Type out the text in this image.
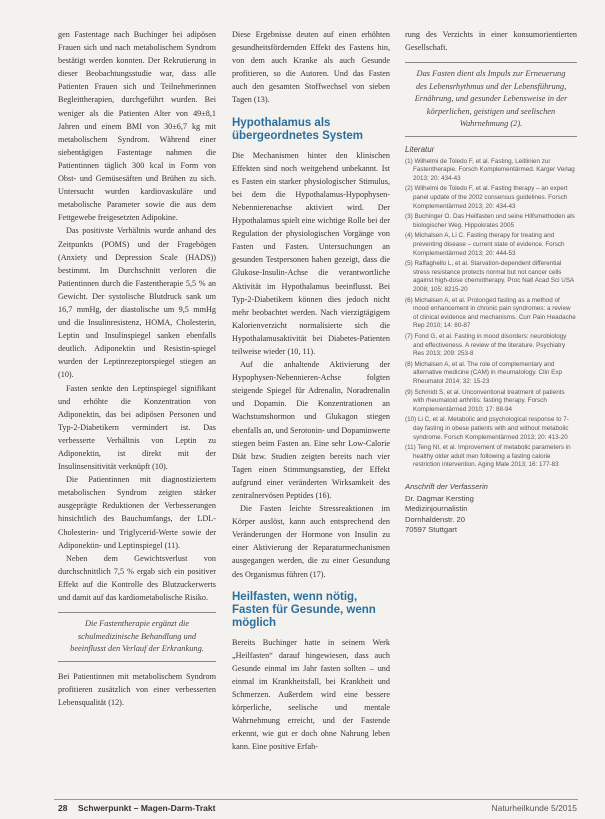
gen Fastentage nach Buchinger bei adipösen Frauen sich und nach metabolischem Syndrom bestätigt werden konnten. Der Rekrutierung in dieser Beobachtungsstudie war, dass alle Patienten Frauen sich und Teilnehmerinnen Begleittherapien, durchgeführt wurden. Bei weniger als die Patienten Alter von 49±8,1 Jahren und einem BMI von 30±6,7 kg mit metabolischem Syndrom. Während einer siebentägigen Fastentage nahmen die Patientinnen täglich 300 kcal in Form von Obst- und Gemüsesäften und Brühen zu sich. Untersucht wurden kardiovaskuläre und metabolische Parameter sowie die aus dem Fettgewebe freigesetzten Adipokine.

Das positivste Verhältnis wurde anhand des Zeitpunkts (POMS) und der Fragebögen (Anxiety und Depression Scale (HADS)) bestimmt. Im Durchschnitt verloren die Patientinnen durch die Fastentherapie 5,5 % an Gewicht. Der systolische Blutdruck sank um 16,7 mmHg, der diastolische um 9,5 mmHg und die Insulinresistenz, HOMA, Cholesterin, Leptin und Insulinspiegel sanken ebenfalls deutlich. Adiponektin und Resistin-spiegel wurden der Leptinrezeptorspiegel stiegen an (10).

Fasten senkte den Leptinspiegel signifikant und erhöhte die Konzentration von Adiponektin, das bei adipösen Personen und Typ-2-Diabetikern vermindert ist. Das verbesserte Verhältnis von Leptin zu Adiponektin, ist direkt mit der Insulinsensitivität verknüpft (10).

Die Patientinnen mit diagnostiziertem metabolischen Syndrom zeigten stärker ausgeprägte Reduktionen der Verbesserungen hinsichtlich des Bauchumfangs, der LDL-Cholesterin- und Triglycerid-Werte sowie der Adiponektin- und Leptinspiegel (11).

Neben dem Gewichtsverlust von durchschnittlich 7,5 % ergab sich ein positiver Effekt auf die Kontrolle des Blutzuckerwerts und damit auf das kardiometabolische Risiko.

Die Fastentherapie ergänzt die schulmedizinische Behandlung und beeinflusst den Verlauf der Erkrankung.

Bei Patientinnen mit metabolischem Syndrom profitieren zusätzlich von einer verbesserten Lebensqualität (12).

Diese Ergebnisse deuten auf einen erhöhten gesundheitsfördernden Effekt des Fastens hin, von dem auch Kranke als auch Gesunde profitieren, so die Autoren. Und das Fasten auch den gesamten Stoffwechsel von sieben Tagen (13).

Hypothalamus als übergeordnetes System

Die Mechanismen hinter den klinischen Effekten sind noch weitgehend unbekannt. Ist es Fasten ein starker physiologischer Stimulus, bei dem die Hypothalamus-Hypophysen-Nebennierenachse aktiviert wird. Der Hypothalamus spielt eine wichtige Rolle bei der Regulation der physiologischen Vorgänge von Fasten und Fasten. Untersuchungen an gesunden Testpersonen haben gezeigt, dass die Glukose-Insulin-Achse die verantwortliche Aktivität im Hypothalamus beeinflusst. Bei Typ-2-Diabetikern können dies jedoch nicht mehr beobachtet werden. Nach vierzigtägigem Kalorienverzicht normalisierte sich die Hypothalamusaktivität bei Diabetes-Patienten teilweise wieder (10, 11).

Auf die anhaltende Aktivierung der Hypophysen-Nebennieren-Achse folgten steigende Spiegel für Adrenalin, Noradrenalin und Dopamin. Die Konzentrationen an Wachstumshormon und Glukagon stiegen ebenfalls an, und Serotonin- und Dopaminwerte stiegen beim Fasten an. Eine sehr Low-Calorie Diät bzw. Studien zeigten bereits nach vier Tagen einen Stimmungsanstieg, der Effekt aufgrund einer veränderten Wirksamkeit des zentralnervösen Peptides (16).

Die Fasten leichte Stressreaktionen im Körper auslöst, kann auch entsprechend den Veränderungen der Hormone von Insulin zu einer Aktivierung der Reparaturmechanismen ausgegangen werden, die zu einer Gesundung des Organismus führen (17).

Heilfasten, wenn nötig, Fasten für Gesunde, wenn möglich

Bereits Buchinger hatte in seinem Werk „Heilfasten“ darauf hingewiesen, dass auch Gesunde einmal im Jahr fasten sollten – und einmal im Krankheitsfall, bei Krankheit und Schmerzen. Außerdem wird eine bessere körperliche, seelische und mentale Wahrnehmung erreicht, und der Fastende erkennt, wie gut er doch ohne Nahrung leben kann. Eine positive Erfah-

rung des Verzichts in einer konsumorientierten Gesellschaft.

Das Fasten dient als Impuls zur Erneuerung des Lebensrhythmus und der Lebensführung, Ernährung, und gesunder Lebensweise in der körperlichen, geistigen und seelischen Wahrnehmung (2).
Literatur

(1) Wilhelmi de Toledo F, et al. Fasting, Leitlinien zur Fastentherapie. Forsch Komplementärmed. Karger Verlag 2013; 20: 434-43

(2) Wilhelmi de Toledo F, et al. Fasting therapy – an expert panel update of the 2002 consensus guidelines. Forsch Komplementärmed 2013; 20: 434-43

(3) Buchinger O. Das Heilfasten und seine Hilfsmethoden als biologischer Weg. Hippokrates 2005

(4) Michalsen A, Li C. Fasting therapy for treating and preventing disease – current state of evidence. Forsch Komplementärmed 2013; 20: 444-53

(5) Raffaghello L, et al. Starvation-dependent differential stress resistance protects normal but not cancer cells against high-dose chemotherapy. Proc Natl Acad Sci USA 2008; 105: 8215-20

(6) Michalsen A, et al. Prolonged fasting as a method of mood enhancement in chronic pain syndromes: a review of clinical evidence and mechanisms. Curr Pain Headache Rep 2010; 14: 80-87

(7) Fond G, et al. Fasting in mood disorders: neurobiology and effectiveness. A review of the literature. Psychiatry Res 2013; 209: 253-8

(8) Michalsen A, et al. The role of complementary and alternative medicine (CAM) in rheumatology. Clin Exp Rheumatol 2014; 32: 15-23

(9) Schmidt S, et al. Unconventional treatment of patients with rheumatoid arthritis: fasting therapy. Forsch Komplementärmed 2010; 17: 88-94

(10) Li C, et al. Metabolic and psychological response to 7-day fasting in obese patients with and without metabolic syndrome. Forsch Komplementärmed 2013; 20: 413-20

(11) Teng NI, et al. Improvement of metabolic parameters in healthy older adult men following a fasting calorie restriction intervention. Aging Male 2013; 16: 177-83

Anschrift der Verfasserin

Dr. Dagmar Kersting

Medizinjournalistin

Dornhaldenstr. 20

70597 Stuttgart

28 Schwerpunkt – Magen-Darm-Trakt	Naturheilkunde 5/2015
